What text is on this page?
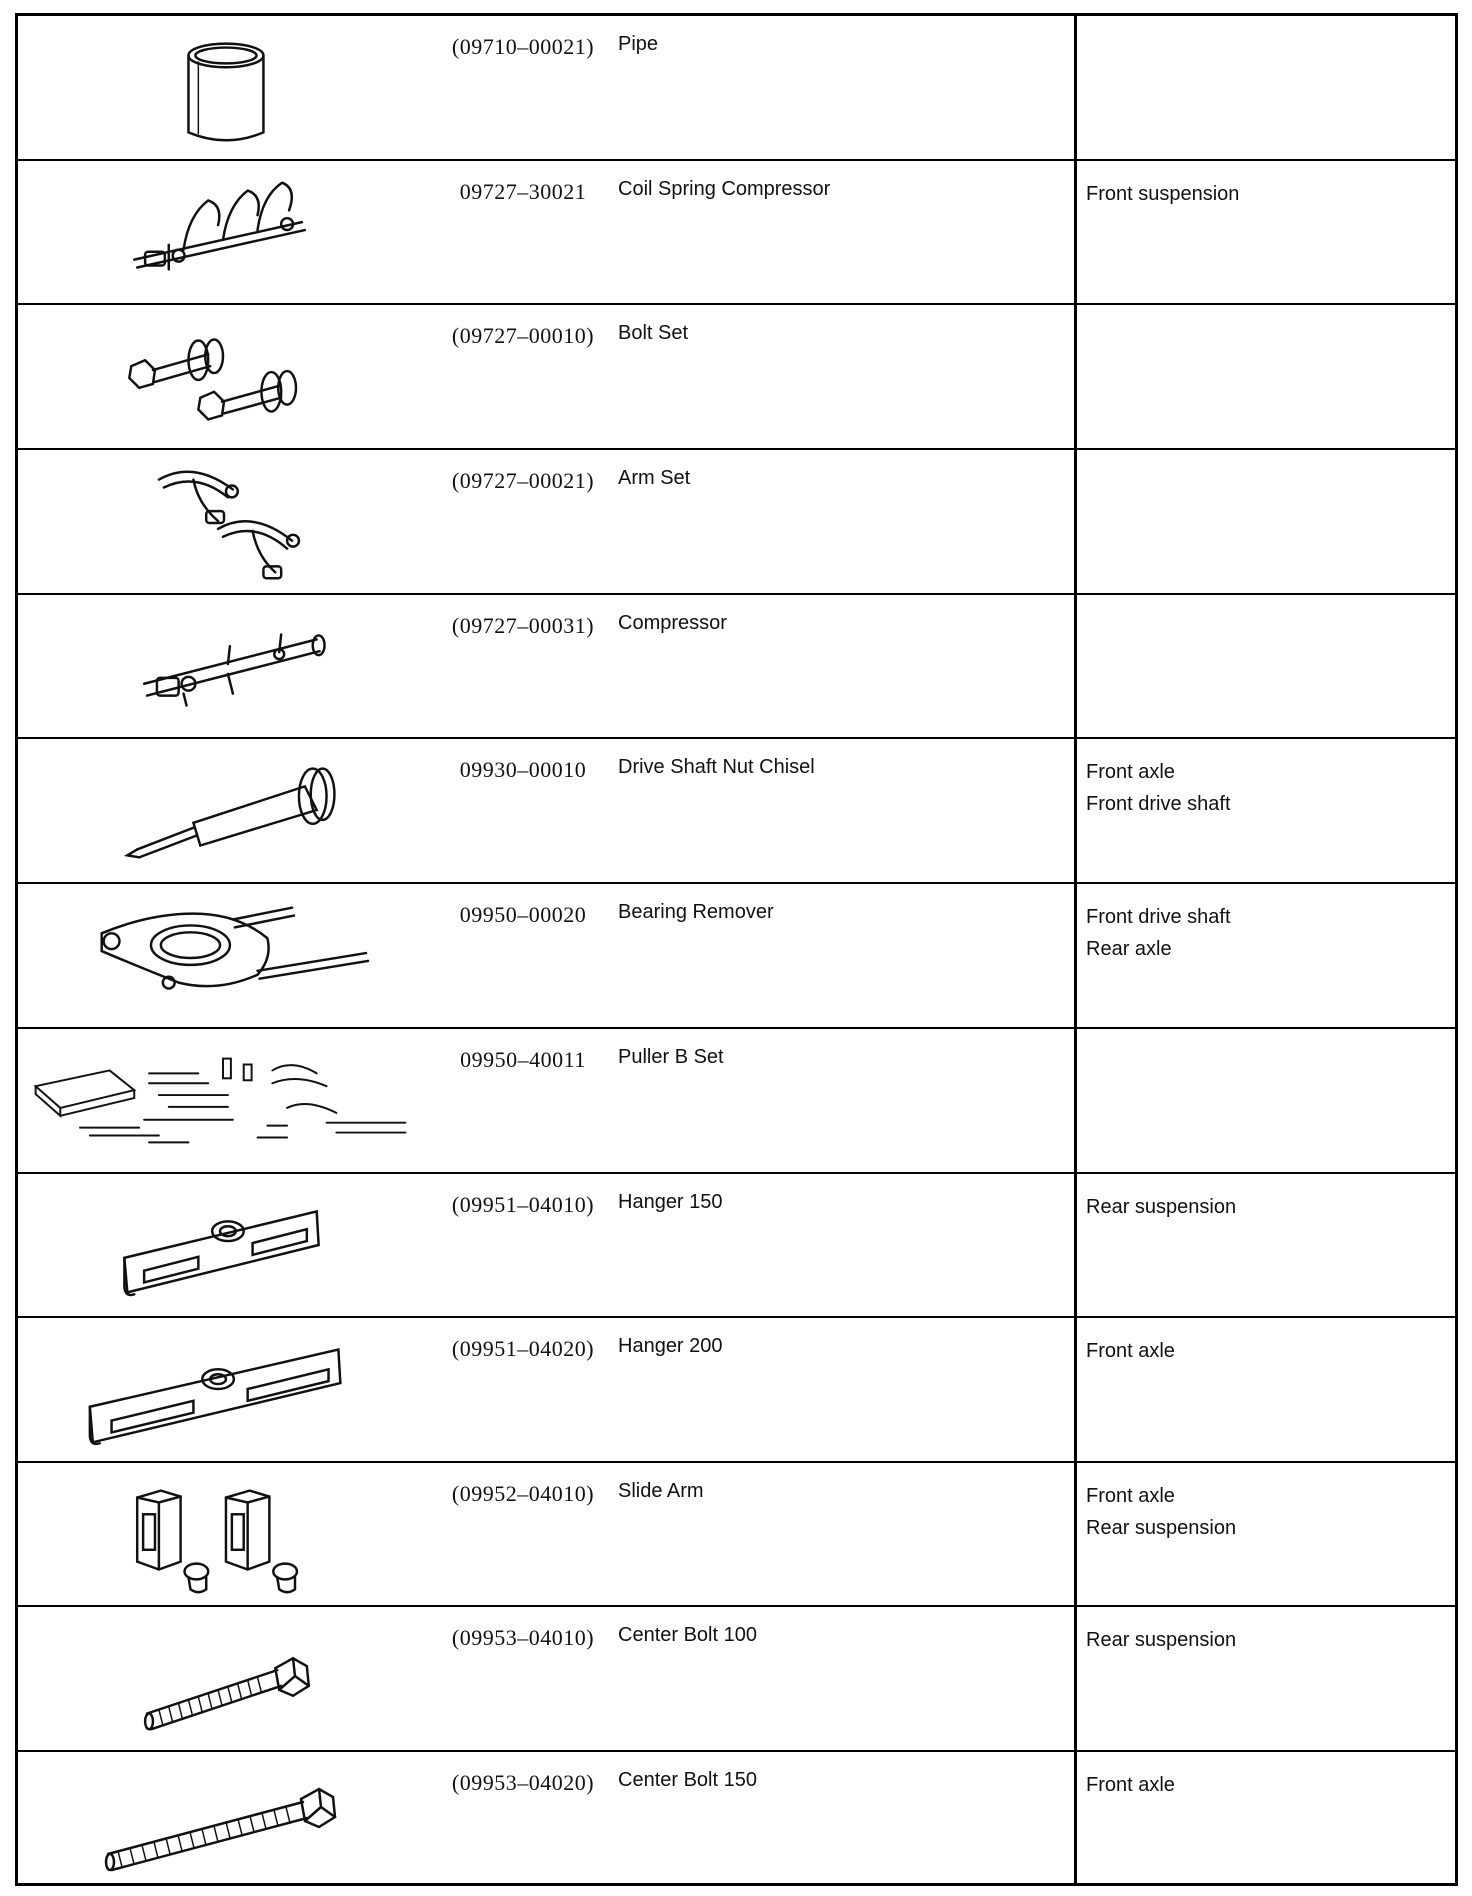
(09710–00021)	Pipe
09727–30021	Coil Spring Compressor	Front suspension
(09727–00010)	Bolt Set
(09727–00021)	Arm Set
(09727–00031)	Compressor
09930–00010	Drive Shaft Nut Chisel	Front axle
Front drive shaft
09950–00020	Bearing Remover	Front drive shaft
Rear axle
09950–40011	Puller B Set
(09951–04010)	Hanger 150	Rear suspension
(09951–04020)	Hanger 200	Front axle
(09952–04010)	Slide Arm	Front axle
Rear suspension
(09953–04010)	Center Bolt 100	Rear suspension
(09953–04020)	Center Bolt 150	Front axle
